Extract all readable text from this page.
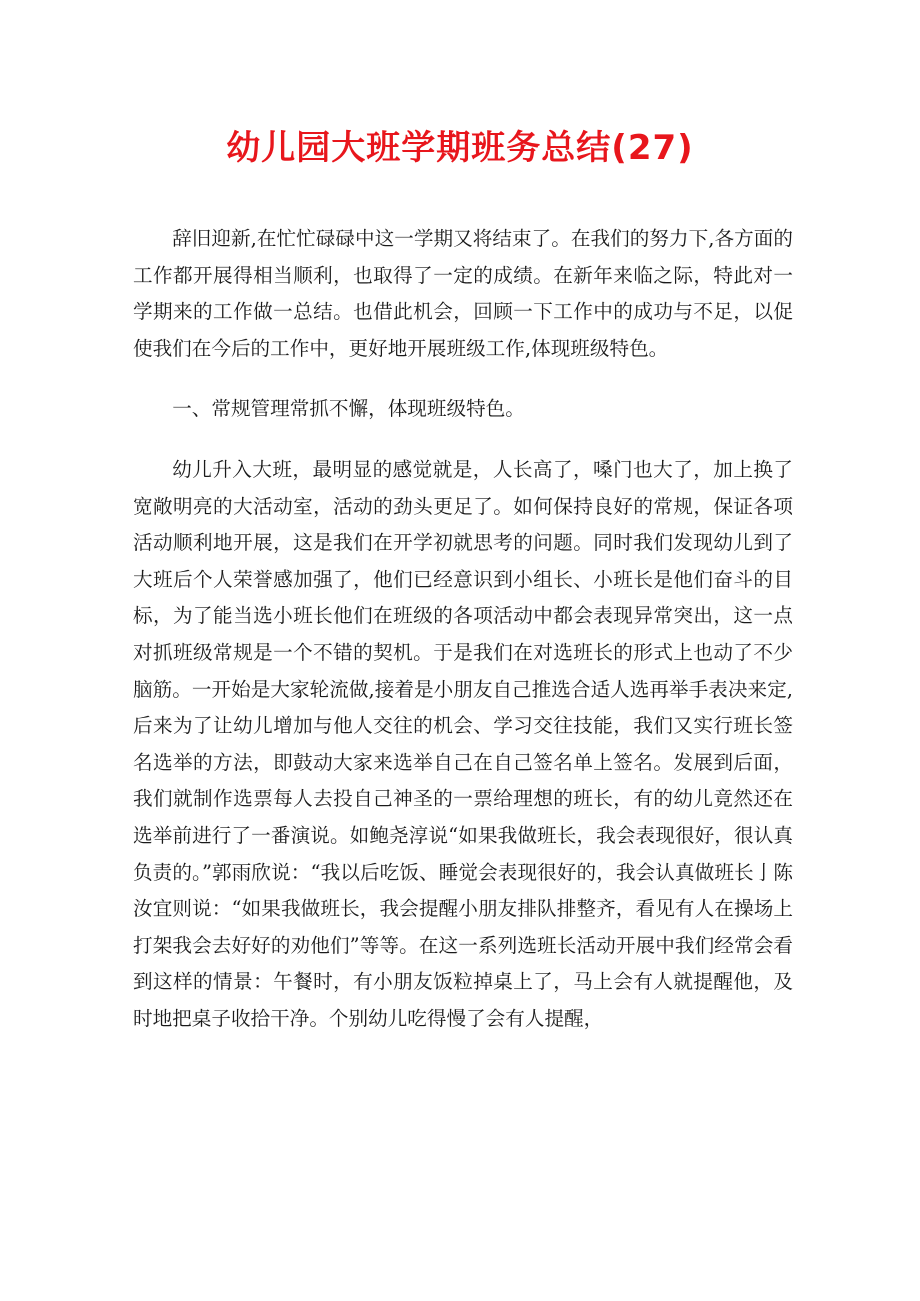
幼儿园大班学期班务总结(27)

辞旧迎新,在忙忙碌碌中这一学期又将结束了。在我们的努力下,各方面的工作都开展得相当顺利，也取得了一定的成绩。在新年来临之际，特此对一学期来的工作做一总结。也借此机会，回顾一下工作中的成功与不足，以促使我们在今后的工作中，更好地开展班级工作,体现班级特色。

一、常规管理常抓不懈，体现班级特色。

幼儿升入大班，最明显的感觉就是，人长高了，嗓门也大了，加上换了宽敞明亮的大活动室，活动的劲头更足了。如何保持良好的常规，保证各项活动顺利地开展，这是我们在开学初就思考的问题。同时我们发现幼儿到了大班后个人荣誉感加强了，他们已经意识到小组长、小班长是他们奋斗的目标，为了能当选小班长他们在班级的各项活动中都会表现异常突出，这一点对抓班级常规是一个不错的契机。于是我们在对选班长的形式上也动了不少脑筋。一开始是大家轮流做,接着是小朋友自己推选合适人选再举手表决来定,后来为了让幼儿增加与他人交往的机会、学习交往技能，我们又实行班长签名选举的方法，即鼓动大家来选举自己在自己签名单上签名。发展到后面，我们就制作选票每人去投自己神圣的一票给理想的班长，有的幼儿竟然还在选举前进行了一番演说。如鲍尧淳说“如果我做班长，我会表现很好，很认真负责的。”郭雨欣说：“我以后吃饭、睡觉会表现很好的，我会认真做班长亅陈汝宜则说：“如果我做班长，我会提醒小朋友排队排整齐，看见有人在操场上打架我会去好好的劝他们”等等。在这一系列选班长活动开展中我们经常会看到这样的情景：午餐时，有小朋友饭粒掉桌上了，马上会有人就提醒他，及时地把桌子收拾干净。个别幼儿吃得慢了会有人提醒，
